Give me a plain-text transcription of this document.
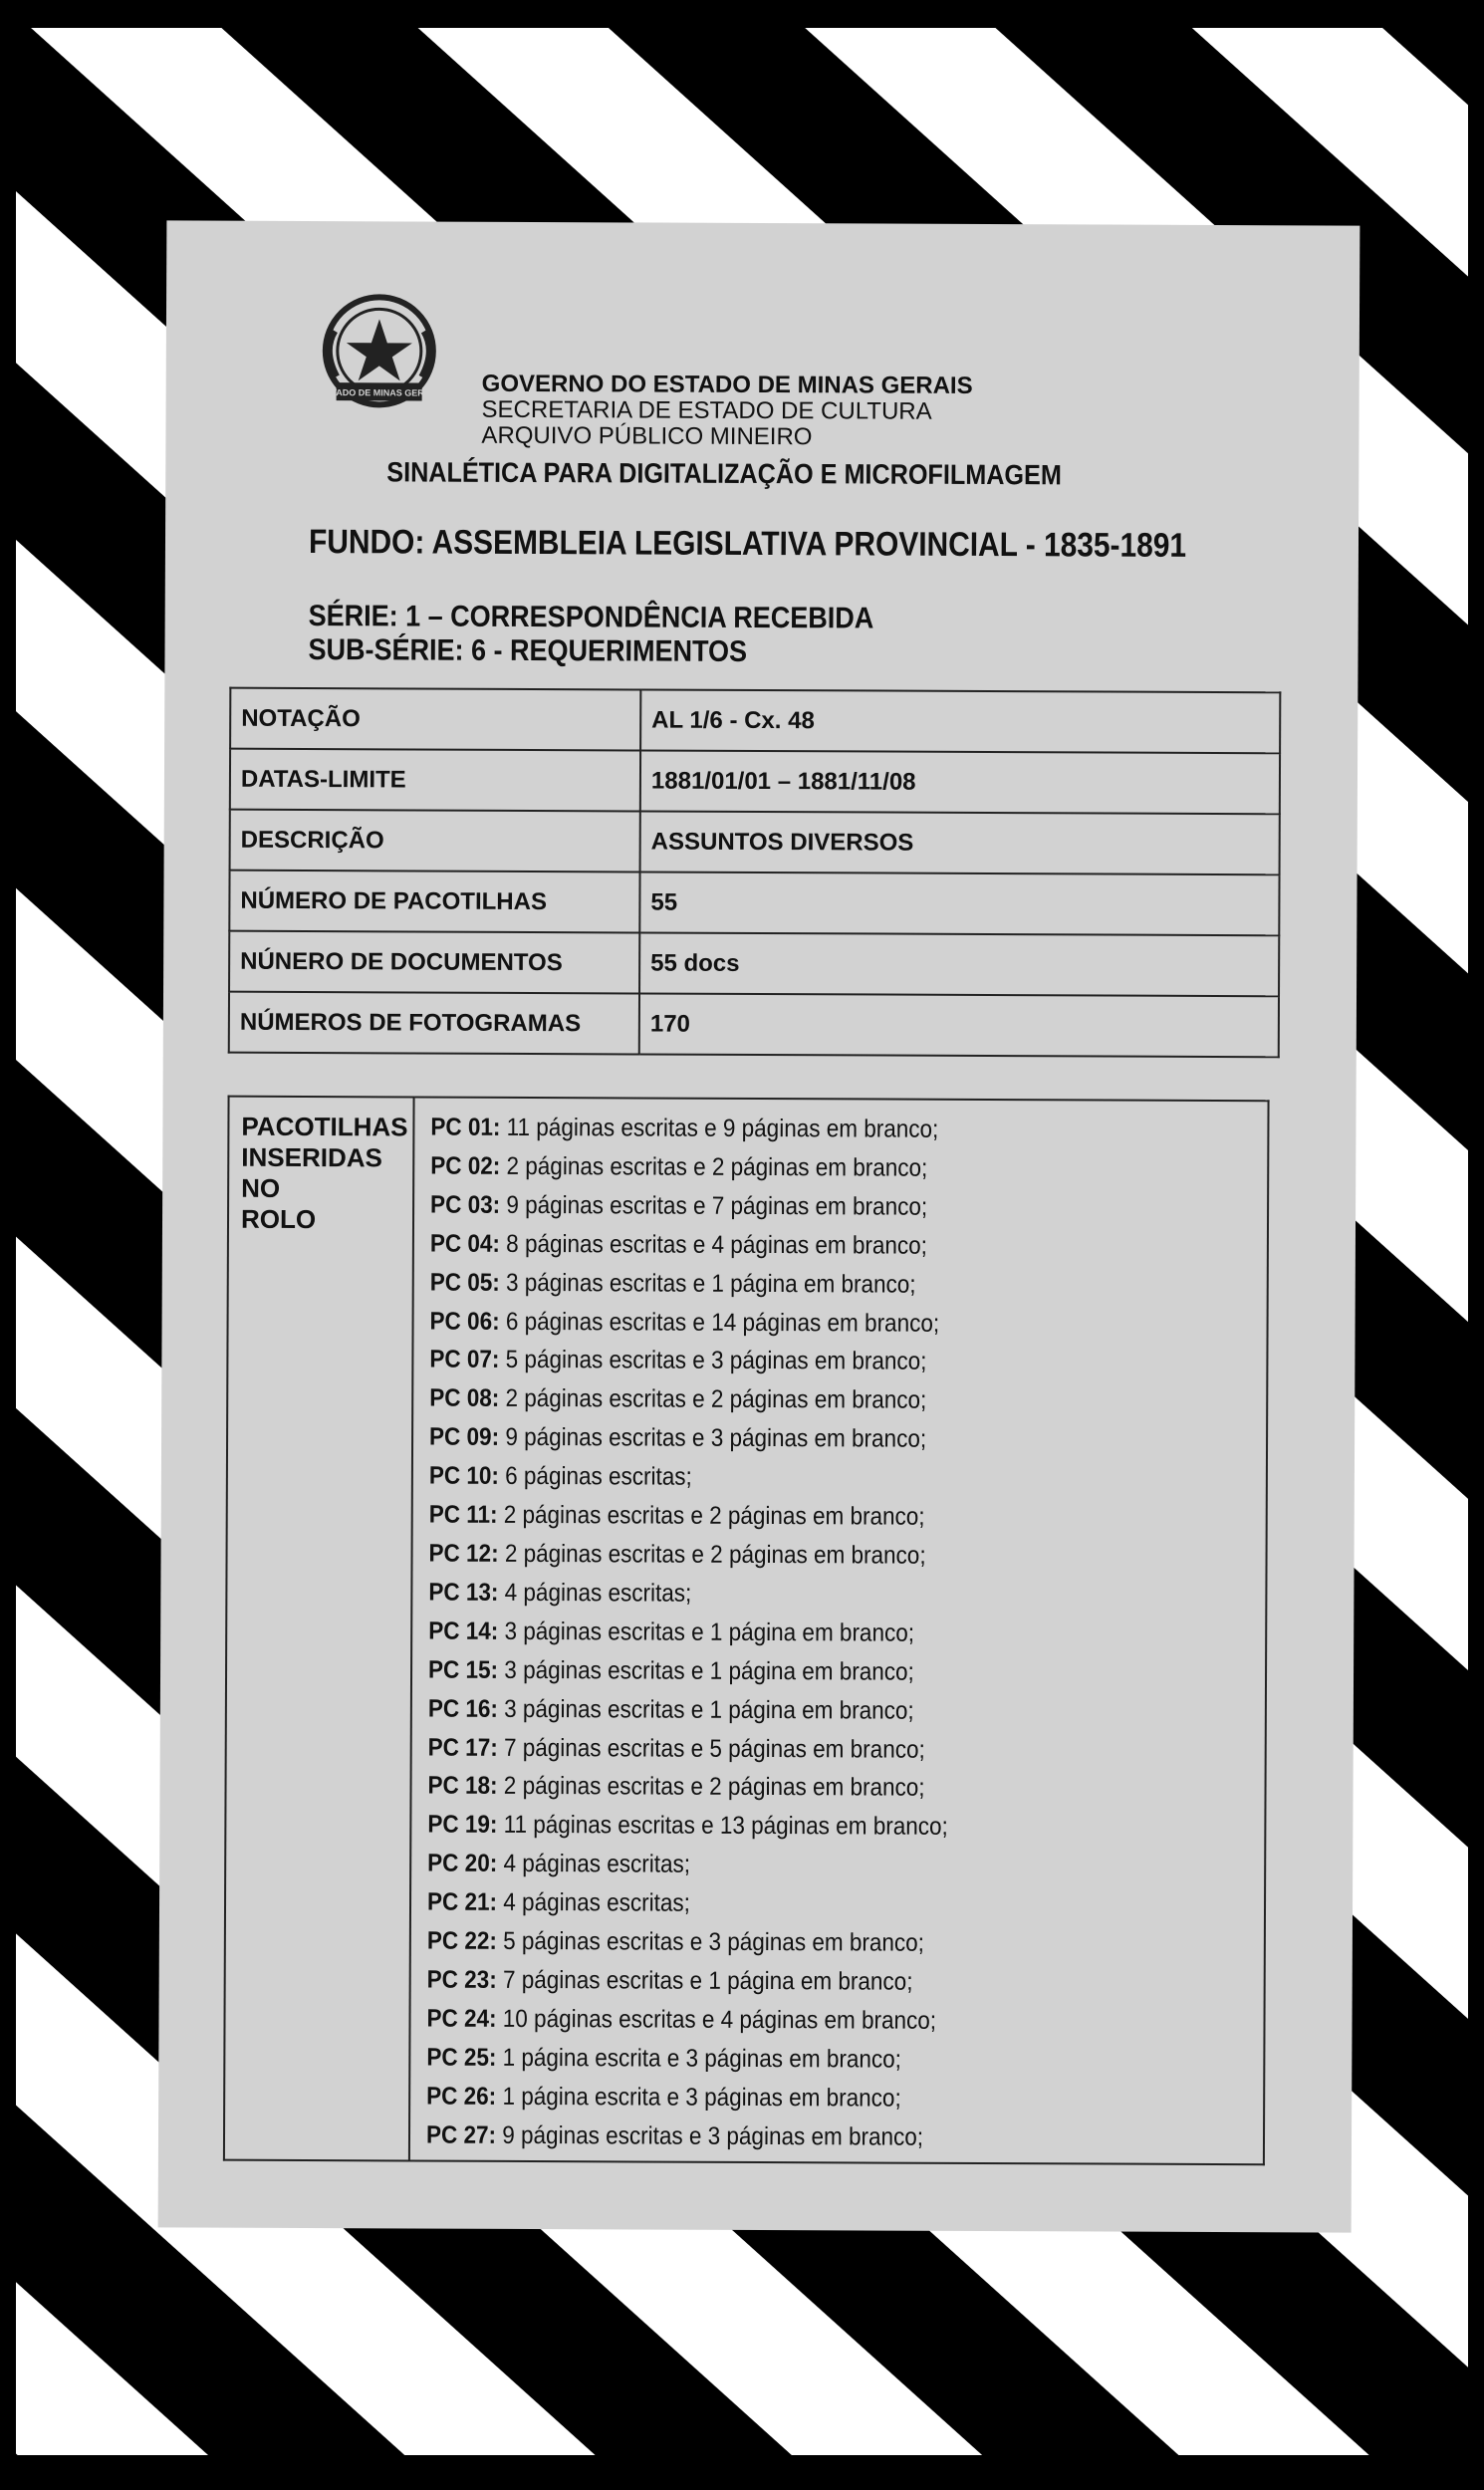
ESTADO DE MINAS GERAIS GOVERNO DO ESTADO DE MINAS GERAIS
SECRETARIA DE ESTADO DE CULTURA
ARQUIVO PÚBLICO MINEIRO
SINALÉTICA PARA DIGITALIZAÇÃO E MICROFILMAGEM
FUNDO: ASSEMBLEIA LEGISLATIVA PROVINCIAL - 1835-1891
SÉRIE: 1 – CORRESPONDÊNCIA RECEBIDA
SUB-SÉRIE: 6 - REQUERIMENTOS
NOTAÇÃO	AL 1/6 - Cx. 48
DATAS-LIMITE	1881/01/01 – 1881/11/08
DESCRIÇÃO	ASSUNTOS DIVERSOS
NÚMERO DE PACOTILHAS	55
NÚNERO DE DOCUMENTOS	55 docs
NÚMEROS DE FOTOGRAMAS	170
PACOTILHAS
INSERIDAS NO
ROLO

PC 01: 11 páginas escritas e 9 páginas em branco;
PC 02: 2 páginas escritas e 2 páginas em branco;
PC 03: 9 páginas escritas e 7 páginas em branco;
PC 04: 8 páginas escritas e 4 páginas em branco;
PC 05: 3 páginas escritas e 1 página em branco;
PC 06: 6 páginas escritas e 14 páginas em branco;
PC 07: 5 páginas escritas e 3 páginas em branco;
PC 08: 2 páginas escritas e 2 páginas em branco;
PC 09: 9 páginas escritas e 3 páginas em branco;
PC 10: 6 páginas escritas;
PC 11: 2 páginas escritas e 2 páginas em branco;
PC 12: 2 páginas escritas e 2 páginas em branco;
PC 13: 4 páginas escritas;
PC 14: 3 páginas escritas e 1 página em branco;
PC 15: 3 páginas escritas e 1 página em branco;
PC 16: 3 páginas escritas e 1 página em branco;
PC 17: 7 páginas escritas e 5 páginas em branco;
PC 18: 2 páginas escritas e 2 páginas em branco;
PC 19: 11 páginas escritas e 13 páginas em branco;
PC 20: 4 páginas escritas;
PC 21: 4 páginas escritas;
PC 22: 5 páginas escritas e 3 páginas em branco;
PC 23: 7 páginas escritas e 1 página em branco;
PC 24: 10 páginas escritas e 4 páginas em branco;
PC 25: 1 página escrita e 3 páginas em branco;
PC 26: 1 página escrita e 3 páginas em branco;
PC 27: 9 páginas escritas e 3 páginas em branco;
